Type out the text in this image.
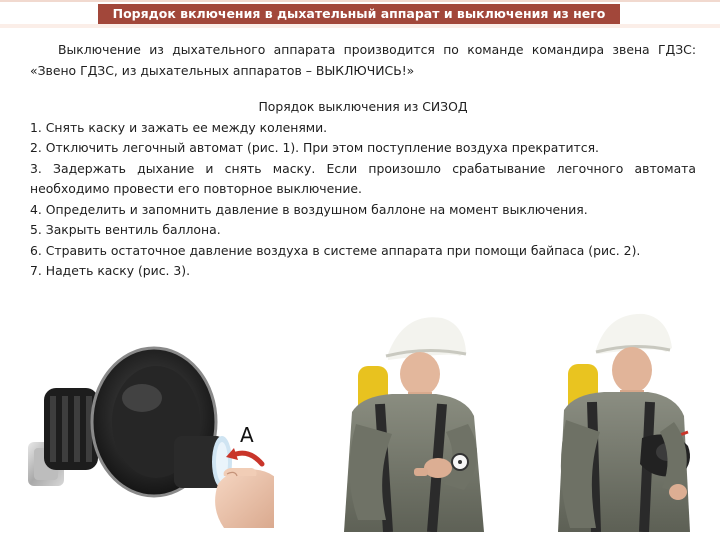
Порядок включения в дыхательный аппарат и выключения из него

Выключение из дыхательного аппарата производится по команде командира звена ГДЗС: «Звено ГДЗС, из дыхательных аппаратов – ВЫКЛЮЧИСЬ!»

Порядок выключения из СИЗОД

1. Снять каску и зажать ее между коленями.
2. Отключить легочный автомат (рис. 1). При этом поступление воздуха прекратится.
3. Задержать дыхание и снять маску. Если произошло срабатывание легочного автомата необходимо провести его повторное выключение.
4. Определить и запомнить давление в воздушном баллоне на момент выключения.
5. Закрыть вентиль баллона.
6. Стравить остаточное давление воздуха в системе аппарата при помощи байпаса (рис. 2).
7. Надеть каску (рис. 3).
A
